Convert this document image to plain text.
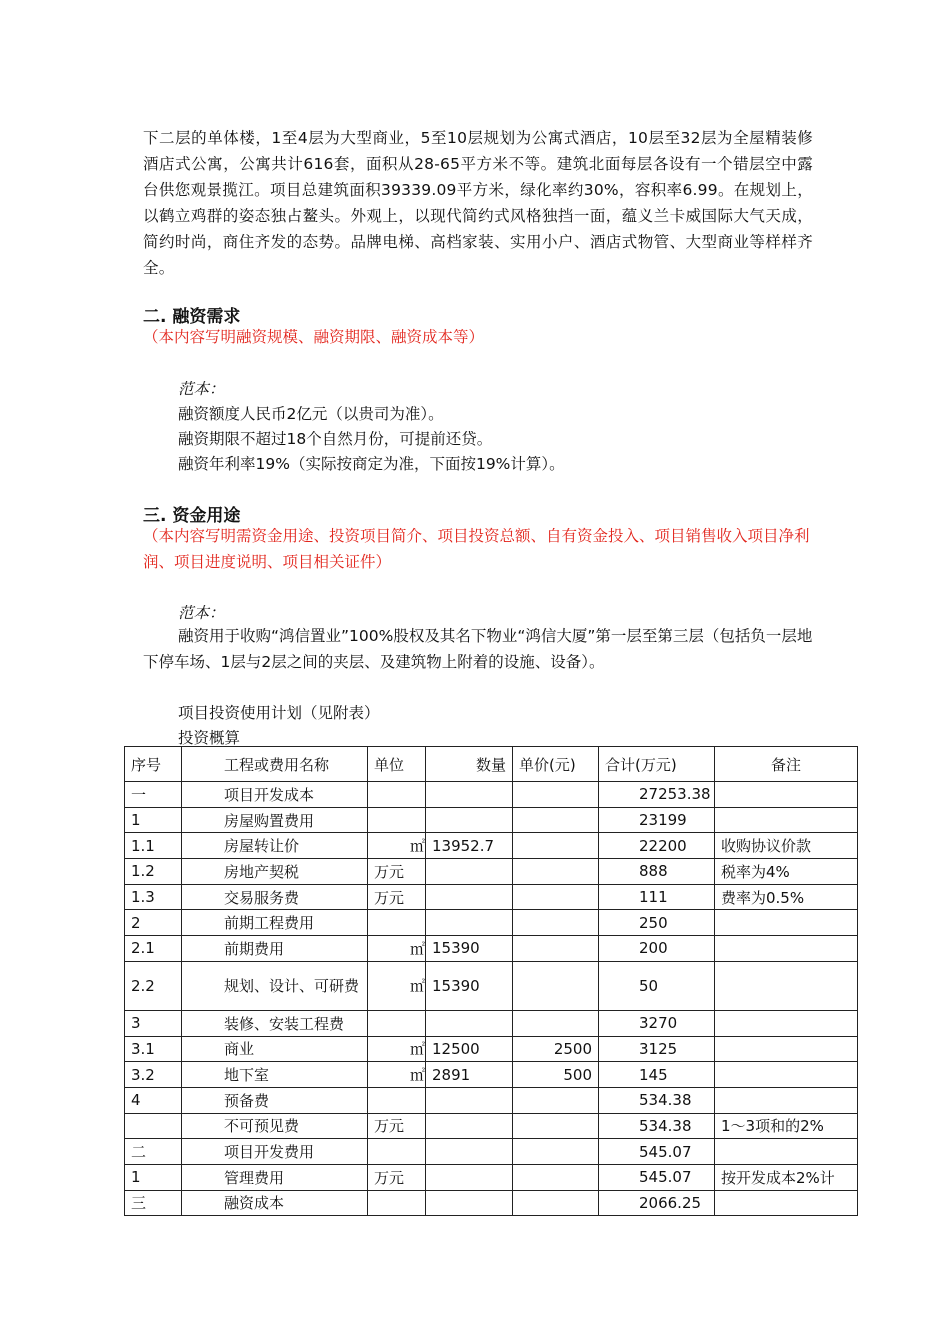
下二层的单体楼，1至4层为大型商业，5至10层规划为公寓式酒店，10层至32层为全屋精装修酒店式公寓，公寓共计616套，面积从28-65平方米不等。建筑北面每层各设有一个错层空中露台供您观景揽江。项目总建筑面积39339.09平方米，绿化率约30%，容积率6.99。在规划上，以鹤立鸡群的姿态独占鳌头。外观上，以现代简约式风格独挡一面，蕴义兰卡威国际大气天成，简约时尚，商住齐发的态势。品牌电梯、高档家装、实用小户、酒店式物管、大型商业等样样齐全。
二. 融资需求
（本内容写明融资规模、融资期限、融资成本等）
范本：
融资额度人民币2亿元（以贵司为准）。
融资期限不超过18个自然月份，可提前还贷。
融资年利率19%（实际按商定为准，下面按19%计算）。
三. 资金用途
（本内容写明需资金用途、投资项目简介、项目投资总额、自有资金投入、项目销售收入项目净利润、项目进度说明、项目相关证件）
范本：
融资用于收购“鸿信置业”100%股权及其名下物业“鸿信大厦”第一层至第三层（包括负一层地下停车场、1层与2层之间的夹层、及建筑物上附着的设施、设备）。
项目投资使用计划（见附表）
投资概算
序号	工程或费用名称	单位	数量	单价(元)	合计(万元)	备注
一	项目开发成本				27253.38	
1	房屋购置费用				23199	
1.1	房屋转让价	㎡	13952.7		22200	收购协议价款
1.2	房地产契税	万元			888	税率为4%
1.3	交易服务费	万元			111	费率为0.5%
2	前期工程费用				250	
2.1	前期费用	㎡	15390		200	
2.2	规划、设计、可研费	㎡	15390		50	
3	装修、安装工程费				3270	
3.1	商业	㎡	12500	2500	3125	
3.2	地下室	㎡	2891	500	145	
4	预备费				534.38	
	不可预见费	万元			534.38	1～3项和的2%
二	项目开发费用				545.07	
1	管理费用	万元			545.07	按开发成本2%计
三	融资成本				2066.25	
